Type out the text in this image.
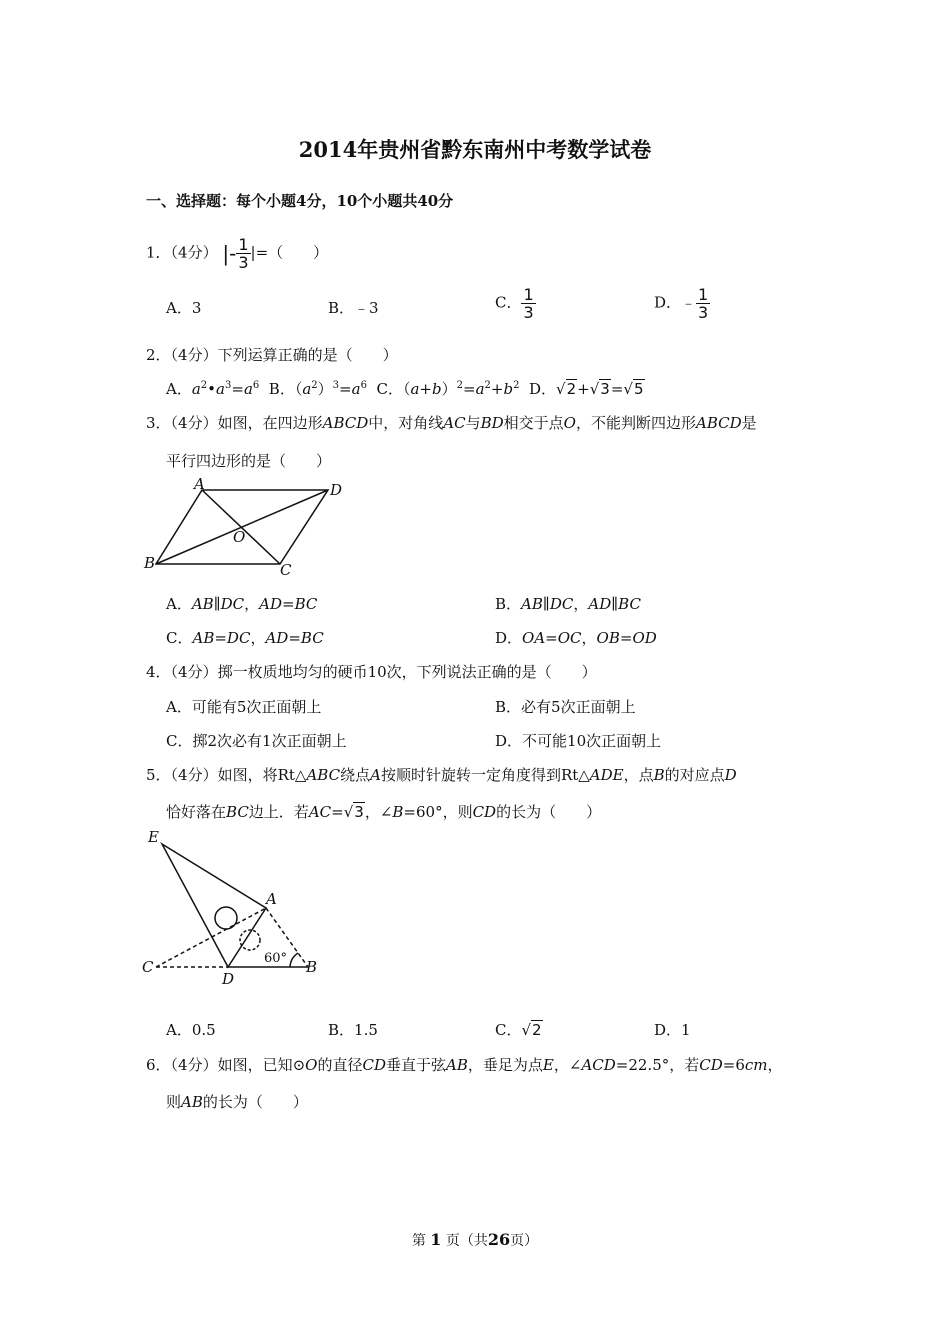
2014年贵州省黔东南州中考数学试卷
一、选择题：每个小题4分，10个小题共40分
1．（4分） |- $\frac{1}{3}$ |=（　　）
A．3	B．﹣3	C． $\frac{1}{3}$	D．﹣ $\frac{1}{3}$
2．（4分）下列运算正确的是（　　）
A．$a^2•a^3=a^6$  B．$(a^2)^3=a^6$  C．$(a+b)^2=a^2+b^2$  D．√2+√3=√5
3．（4分）如图，在四边形ABCD中，对角线AC与BD相交于点O，不能判断四边形ABCD是
平行四边形的是（　　）
A	D
O
B	C
A．AB∥DC，AD=BC	B．AB∥DC，AD∥BC
C．AB=DC，AD=BC	D．OA=OC，OB=OD
4．（4分）掷一枚质地均匀的硬币10次，下列说法正确的是（　　）
A．可能有5次正面朝上	B．必有5次正面朝上
C．掷2次必有1次正面朝上	D．不可能10次正面朝上
5．（4分）如图，将Rt△ABC绕点A按顺时针旋转一定角度得到Rt△ADE，点B的对应点D
恰好落在BC边上．若AC=√3，∠B=60°，则CD的长为（　　）
E
A
C
D
B
60°
A．0.5	B．1.5	C．√2	D．1
6．（4分）如图，已知⊙O的直径CD垂直于弦AB，垂足为点E，∠ACD=22.5°，若CD=6cm，
则AB的长为（　　）
第 1 页（共26页）
